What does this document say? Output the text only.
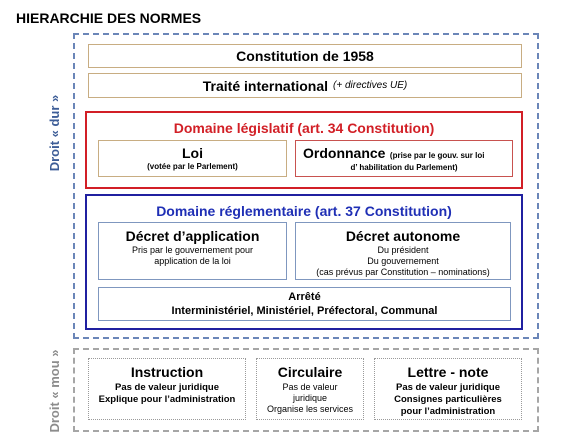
HIERARCHIE DES NORMES
Droit « dur »
Constitution de 1958
Traité international (+ directives UE)
Domaine législatif (art. 34 Constitution)
Loi
(votée par le Parlement)
Ordonnance (prise par le gouv. sur loi
d’ habilitation du Parlement)
Domaine réglementaire (art. 37 Constitution)
Décret d’application
Pris par le gouvernement pour
application de la loi
Décret autonome
Du président
Du gouvernement
(cas prévus par Constitution – nominations)
Arrêté
Interministériel, Ministériel, Préfectoral, Communal
Droit « mou »	Instruction
Pas de valeur juridique
Explique pour l’administration
Circulaire
Pas de valeur
juridique
Organise les services
Lettre - note
Pas de valeur juridique
Consignes particulières
pour l’administration
